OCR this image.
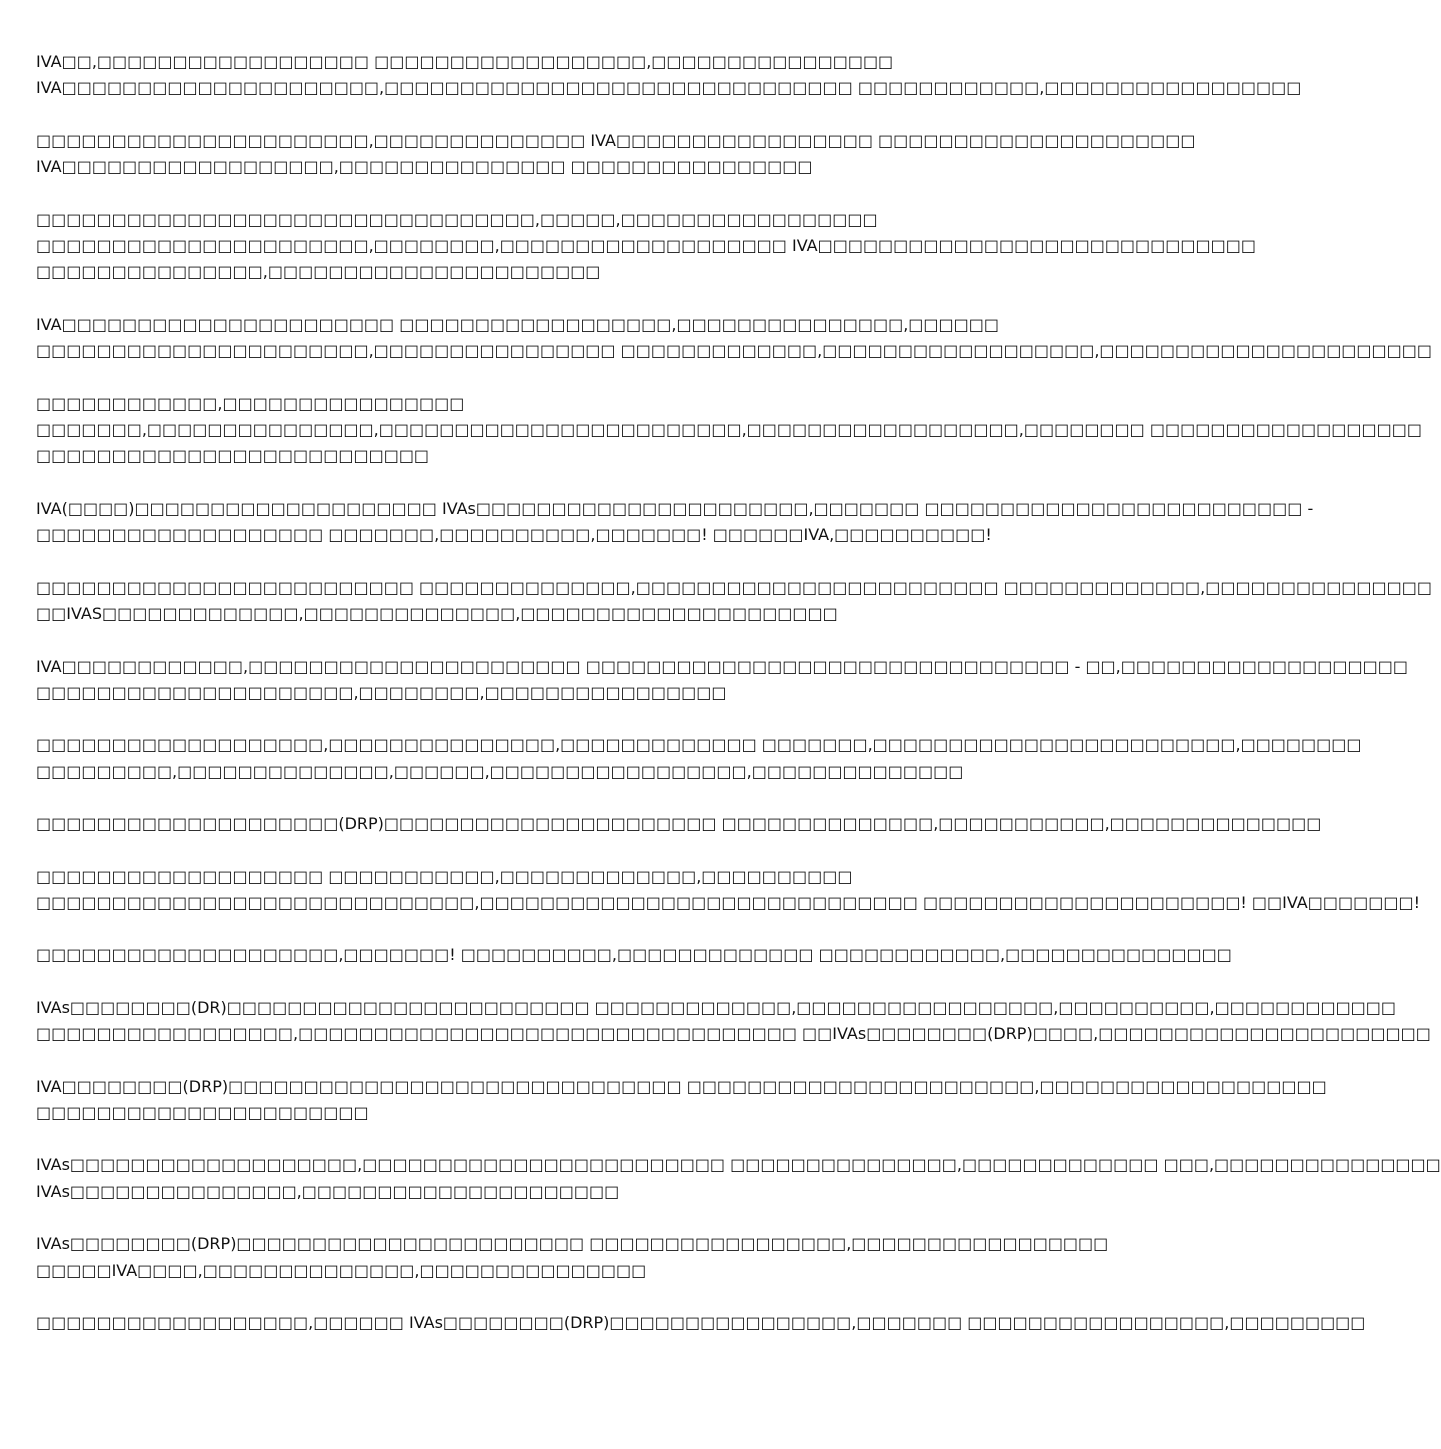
IVA□□,□□□□□□□□□□□□□□□□□□ □□□□□□□□□□□□□□□□□□,□□□□□□□□□□□□□□□□
IVA□□□□□□□□□□□□□□□□□□□□□,□□□□□□□□□□□□□□□□□□□□□□□□□□□□□□□ □□□□□□□□□□□□,□□□□□□□□□□□□□□□□□
□□□□□□□□□□□□□□□□□□□□□□,□□□□□□□□□□□□□□ IVA□□□□□□□□□□□□□□□□□ □□□□□□□□□□□□□□□□□□□□□
IVA□□□□□□□□□□□□□□□□□□,□□□□□□□□□□□□□□□ □□□□□□□□□□□□□□□□
□□□□□□□□□□□□□□□□□□□□□□□□□□□□□□□□□,□□□□□,□□□□□□□□□□□□□□□□□
□□□□□□□□□□□□□□□□□□□□□□,□□□□□□□□,□□□□□□□□□□□□□□□□□□□ IVA□□□□□□□□□□□□□□□□□□□□□□□□□□□□□
□□□□□□□□□□□□□□□,□□□□□□□□□□□□□□□□□□□□□□
IVA□□□□□□□□□□□□□□□□□□□□□□ □□□□□□□□□□□□□□□□□□,□□□□□□□□□□□□□□□,□□□□□□
□□□□□□□□□□□□□□□□□□□□□□,□□□□□□□□□□□□□□□□ □□□□□□□□□□□□□,□□□□□□□□□□□□□□□□□□,□□□□□□□□□□□□□□□□□□□□□□
□□□□□□□□□□□□,□□□□□□□□□□□□□□□□
□□□□□□□,□□□□□□□□□□□□□□□,□□□□□□□□□□□□□□□□□□□□□□□□,□□□□□□□□□□□□□□□□□□,□□□□□□□□ □□□□□□□□□□□□□□□□□□
□□□□□□□□□□□□□□□□□□□□□□□□□□
IVA(□□□□)□□□□□□□□□□□□□□□□□□□□ IVAs□□□□□□□□□□□□□□□□□□□□□□,□□□□□□□ □□□□□□□□□□□□□□□□□□□□□□□□□ -
□□□□□□□□□□□□□□□□□□□ □□□□□□□,□□□□□□□□□□,□□□□□□□! □□□□□□IVA,□□□□□□□□□□!
□□□□□□□□□□□□□□□□□□□□□□□□□ □□□□□□□□□□□□□□,□□□□□□□□□□□□□□□□□□□□□□□□ □□□□□□□□□□□□□,□□□□□□□□□□□□□□□
□□IVAS□□□□□□□□□□□□□,□□□□□□□□□□□□□□,□□□□□□□□□□□□□□□□□□□□□
IVA□□□□□□□□□□□□,□□□□□□□□□□□□□□□□□□□□□□ □□□□□□□□□□□□□□□□□□□□□□□□□□□□□□□□ - □□,□□□□□□□□□□□□□□□□□□□
□□□□□□□□□□□□□□□□□□□□□,□□□□□□□□,□□□□□□□□□□□□□□□□
□□□□□□□□□□□□□□□□□□□,□□□□□□□□□□□□□□□,□□□□□□□□□□□□□ □□□□□□□,□□□□□□□□□□□□□□□□□□□□□□□□,□□□□□□□□
□□□□□□□□□,□□□□□□□□□□□□□□,□□□□□□,□□□□□□□□□□□□□□□□□,□□□□□□□□□□□□□□
□□□□□□□□□□□□□□□□□□□□(DRP)□□□□□□□□□□□□□□□□□□□□□□ □□□□□□□□□□□□□□,□□□□□□□□□□□,□□□□□□□□□□□□□□
□□□□□□□□□□□□□□□□□□□ □□□□□□□□□□□,□□□□□□□□□□□□□,□□□□□□□□□□
□□□□□□□□□□□□□□□□□□□□□□□□□□□□□,□□□□□□□□□□□□□□□□□□□□□□□□□□□□□ □□□□□□□□□□□□□□□□□□□□□! □□IVA□□□□□□□!
□□□□□□□□□□□□□□□□□□□□,□□□□□□□! □□□□□□□□□□,□□□□□□□□□□□□□ □□□□□□□□□□□□,□□□□□□□□□□□□□□□
IVAs□□□□□□□□(DR)□□□□□□□□□□□□□□□□□□□□□□□□ □□□□□□□□□□□□□,□□□□□□□□□□□□□□□□□,□□□□□□□□□□,□□□□□□□□□□□□
□□□□□□□□□□□□□□□□□,□□□□□□□□□□□□□□□□□□□□□□□□□□□□□□□□□ □□IVAs□□□□□□□□(DRP)□□□□,□□□□□□□□□□□□□□□□□□□□□□
IVA□□□□□□□□(DRP)□□□□□□□□□□□□□□□□□□□□□□□□□□□□□□ □□□□□□□□□□□□□□□□□□□□□□□,□□□□□□□□□□□□□□□□□□□
□□□□□□□□□□□□□□□□□□□□□□
IVAs□□□□□□□□□□□□□□□□□□□,□□□□□□□□□□□□□□□□□□□□□□□□ □□□□□□□□□□□□□□□,□□□□□□□□□□□□□ □□□,□□□□□□□□□□□□□□□
IVAs□□□□□□□□□□□□□□□,□□□□□□□□□□□□□□□□□□□□□
IVAs□□□□□□□□(DRP)□□□□□□□□□□□□□□□□□□□□□□□ □□□□□□□□□□□□□□□□□,□□□□□□□□□□□□□□□□□
□□□□□IVA□□□□,□□□□□□□□□□□□□□,□□□□□□□□□□□□□□□
□□□□□□□□□□□□□□□□□□,□□□□□□ IVAs□□□□□□□□(DRP)□□□□□□□□□□□□□□□□,□□□□□□□ □□□□□□□□□□□□□□□□□,□□□□□□□□□
